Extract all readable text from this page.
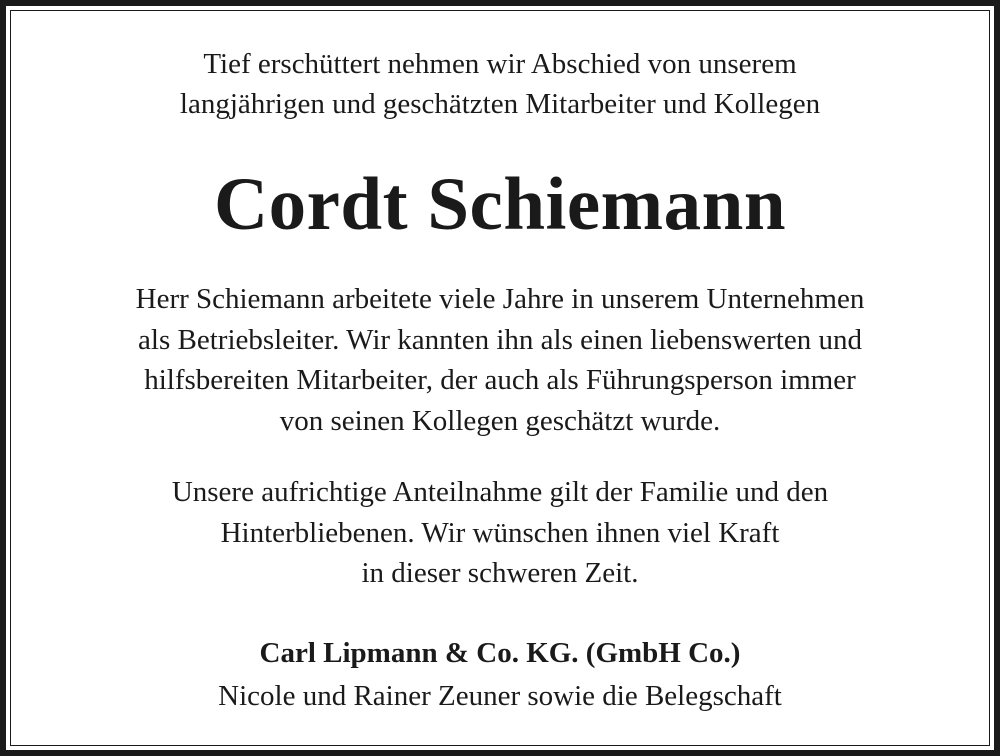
Tief erschüttert nehmen wir Abschied von unserem
langjährigen und geschätzten Mitarbeiter und Kollegen
Cordt Schiemann
Herr Schiemann arbeitete viele Jahre in unserem Unternehmen
als Betriebsleiter. Wir kannten ihn als einen liebenswerten und
hilfsbereiten Mitarbeiter, der auch als Führungsperson immer
von seinen Kollegen geschätzt wurde.
Unsere aufrichtige Anteilnahme gilt der Familie und den
Hinterbliebenen. Wir wünschen ihnen viel Kraft
in dieser schweren Zeit.
Carl Lipmann & Co. KG. (GmbH Co.)
Nicole und Rainer Zeuner sowie die Belegschaft
